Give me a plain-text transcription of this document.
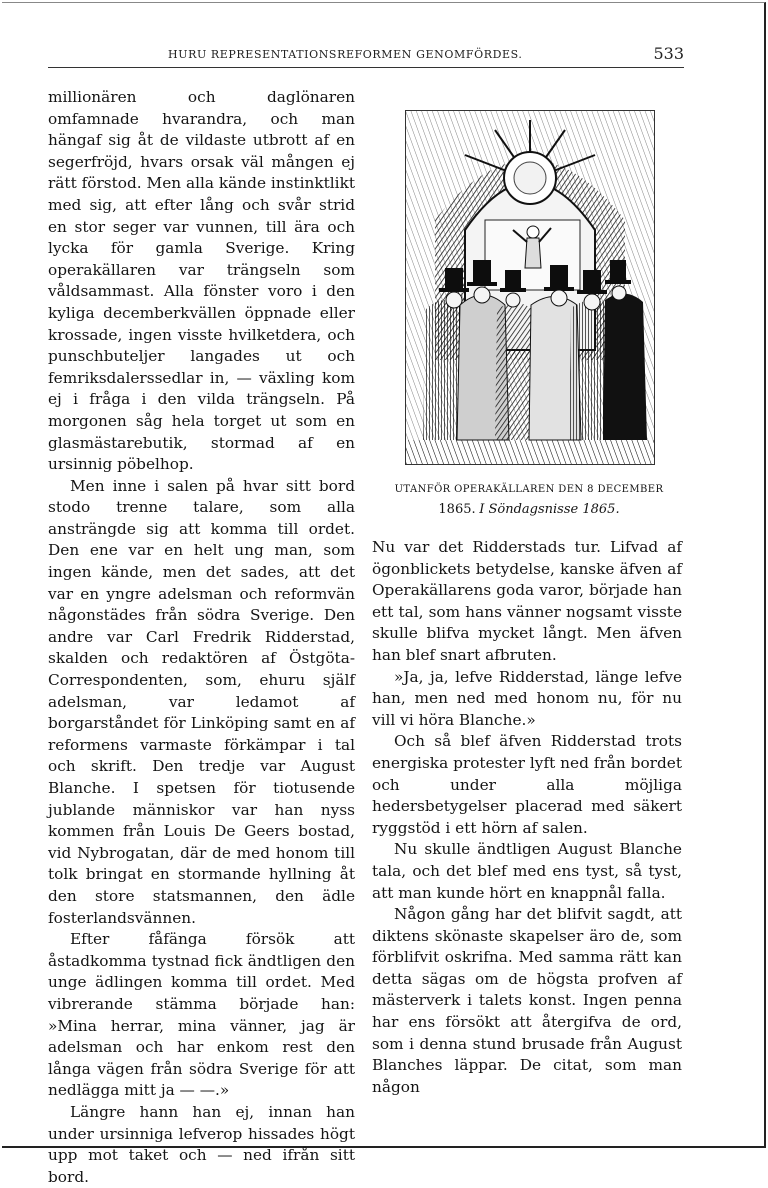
HURU REPRESENTATIONSREFORMEN GENOMFÖRDES.	533

millionären och daglönaren omfamnade hvarandra, och man hängaf sig åt de vildaste utbrott af en segerfröjd, hvars orsak väl mången ej rätt förstod. Men alla kände instinktlikt med sig, att efter lång och svår strid en stor seger var vunnen, till ära och lycka för gamla Sverige. Kring operakällaren var trängseln som våldsammast. Alla fönster voro i den kyliga decemberkvällen öppnade eller krossade, ingen visste hvilketdera, och punschbuteljer langades ut och femriksdalerssedlar in, — växling kom ej i fråga i den vilda trängseln. På morgonen såg hela torget ut som en glasmästarebutik, stormad af en ursinnig pöbelhop.

Men inne i salen på hvar sitt bord stodo trenne talare, som alla ansträngde sig att komma till ordet. Den ene var en helt ung man, som ingen kände, men det sades, att det var en yngre adelsman och reformvän någonstädes från södra Sverige. Den andre var Carl Fredrik Ridderstad, skalden och redaktören af Östgöta-Correspondenten, som, ehuru själf adelsman, var ledamot af borgarståndet för Linköping samt en af reformens varmaste förkämpar i tal och skrift. Den tredje var August Blanche. I spetsen för tiotusende jublande människor var han nyss kommen från Louis De Geers bostad, vid Nybrogatan, där de med honom till tolk bringat en stormande hyllning åt den store statsmannen, den ädle fosterlandsvännen.

Efter fåfänga försök att åstadkomma tystnad fick ändtligen den unge ädlingen komma till ordet. Med vibrerande stämma började han: »Mina herrar, mina vänner, jag är adelsman och har enkom rest den långa vägen från södra Sverige för att nedlägga mitt ja — —.»

Längre hann han ej, innan han under ursinniga lefverop hissades högt upp mot taket och — ned ifrån sitt bord.

UTANFÖR OPERAKÄLLAREN DEN 8 DECEMBER
1865. I Söndagsnisse 1865.

Nu var det Ridderstads tur. Lifvad af ögonblickets betydelse, kanske äfven af Operakällarens goda varor, började han ett tal, som hans vänner nogsamt visste skulle blifva mycket långt. Men äfven han blef snart afbruten.

»Ja, ja, lefve Ridderstad, länge lefve han, men ned med honom nu, för nu vill vi höra Blanche.»

Och så blef äfven Ridderstad trots energiska protester lyft ned från bordet och under alla möjliga hedersbetygelser placerad med säkert ryggstöd i ett hörn af salen.

Nu skulle ändtligen August Blanche tala, och det blef med ens tyst, så tyst, att man kunde hört en knappnål falla.

Någon gång har det blifvit sagdt, att diktens skönaste skapelser äro de, som förblifvit oskrifna. Med samma rätt kan detta sägas om de högsta profven af mästerverk i talets konst. Ingen penna har ens försökt att återgifva de ord, som i denna stund brusade från August Blanches läppar. De citat, som man någon
